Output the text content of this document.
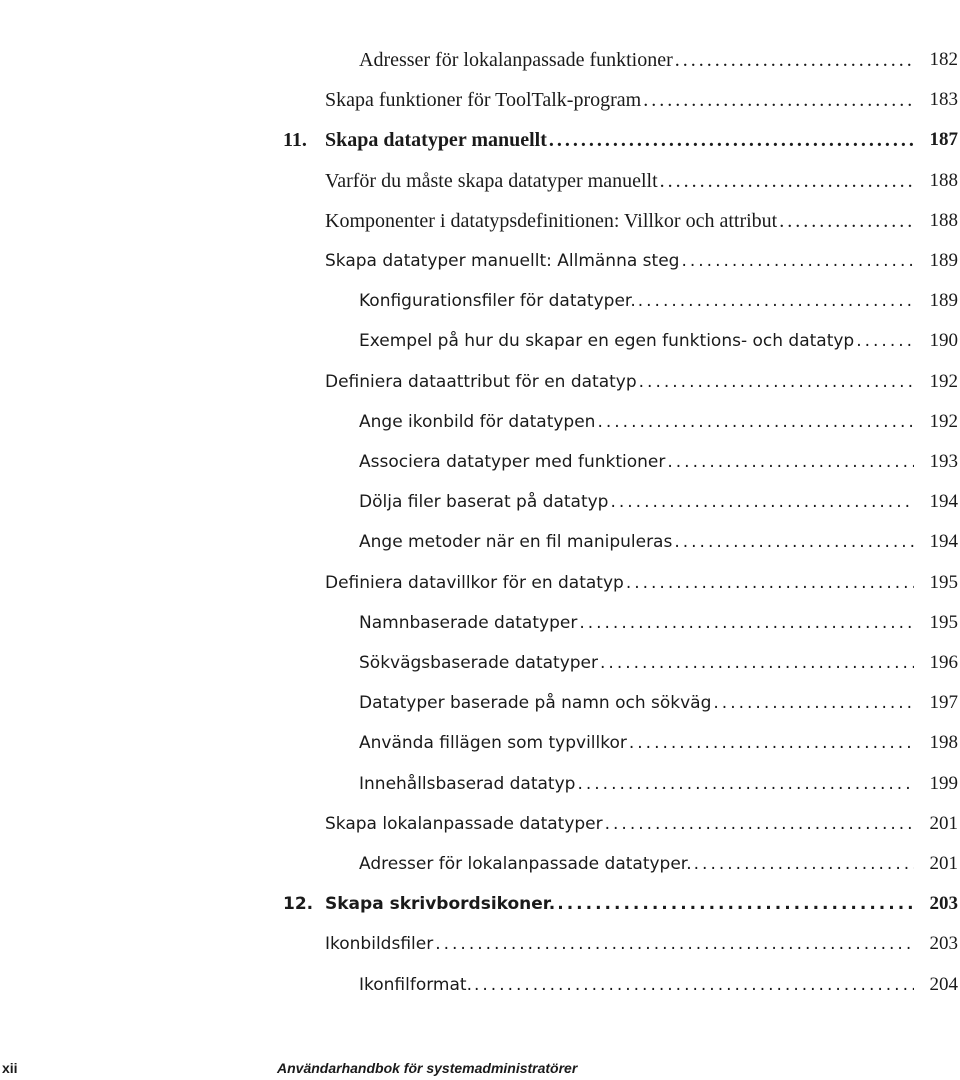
Adresser för lokalanpassade funktioner .....	182
Skapa funktioner för ToolTalk-program .....	183
11. Skapa datatyper manuellt .....	187
Varför du måste skapa datatyper manuellt .....	188
Komponenter i datatypsdefinitionen: Villkor och attribut .....	188
Skapa datatyper manuellt: Allmänna steg .....	189
Konfigurationsfiler för datatyper. .....	189
Exempel på hur du skapar en egen funktions- och datatyp .....	190
Definiera dataattribut för en datatyp .....	192
Ange ikonbild för datatypen .....	192
Associera datatyper med funktioner .....	193
Dölja filer baserat på datatyp .....	194
Ange metoder när en fil manipuleras .....	194
Definiera datavillkor för en datatyp .....	195
Namnbaserade datatyper .....	195
Sökvägsbaserade datatyper .....	196
Datatyper baserade på namn och sökväg .....	197
Använda fillägen som typvillkor .....	198
Innehållsbaserad datatyp .....	199
Skapa lokalanpassade datatyper .....	201
Adresser för lokalanpassade datatyper. .....	201
12. Skapa skrivbordsikoner. .....	203
Ikonbildsfiler .....	203
Ikonfilformat. .....	204
xii	Användarhandbok för systemadministratörer
